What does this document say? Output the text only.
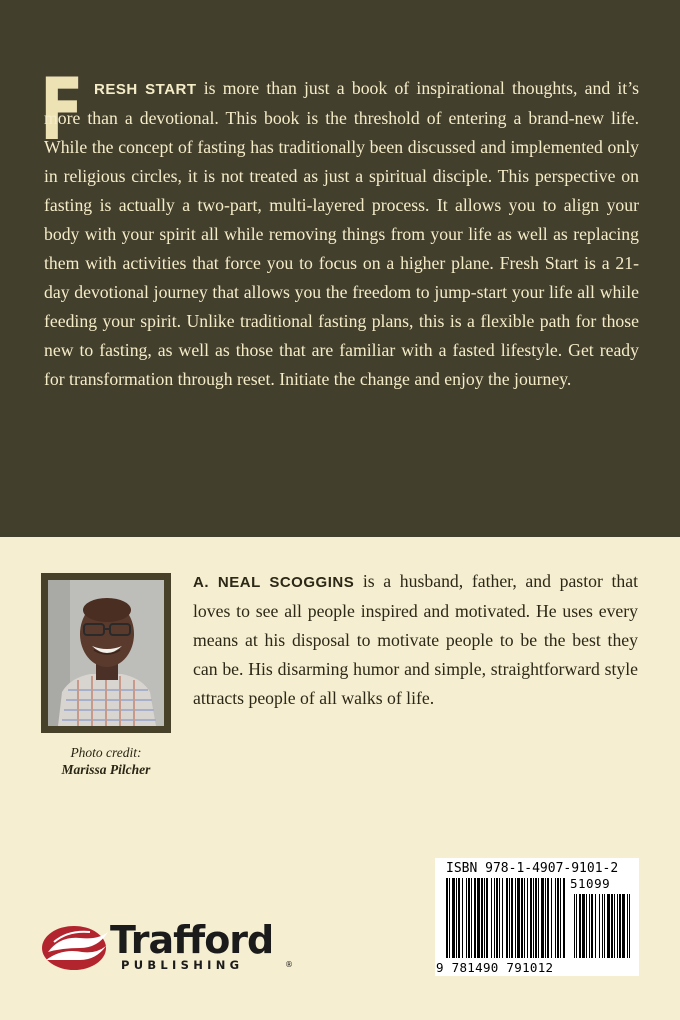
F RESH START is more than just a book of inspirational thoughts, and it’s more than a devotional. This book is the threshold of entering a brand-new life. While the concept of fasting has traditionally been discussed and implemented only in religious circles, it is not treated as just a spiritual disciple. This perspective on fasting is actually a two-part, multi-layered process. It allows you to align your body with your spirit all while removing things from your life as well as replacing them with activities that force you to focus on a higher plane. Fresh Start is a 21-day devotional journey that allows you the freedom to jump-start your life all while feeding your spirit. Unlike traditional fasting plans, this is a flexible path for those new to fasting, as well as those that are familiar with a fasted lifestyle. Get ready for transformation through reset. Initiate the change and enjoy the journey.

Photo credit:
Marissa Pilcher

A. NEAL SCOGGINS is a husband, father, and pastor that loves to see all people inspired and motivated. He uses every means at his disposal to motivate people to be the best they can be. His disarming humor and simple, straightforward style attracts people of all walks of life.

ISBN 978-1-4907-9101-2
51099
9 781490 791012
Trafford
PUBLISHING	®
